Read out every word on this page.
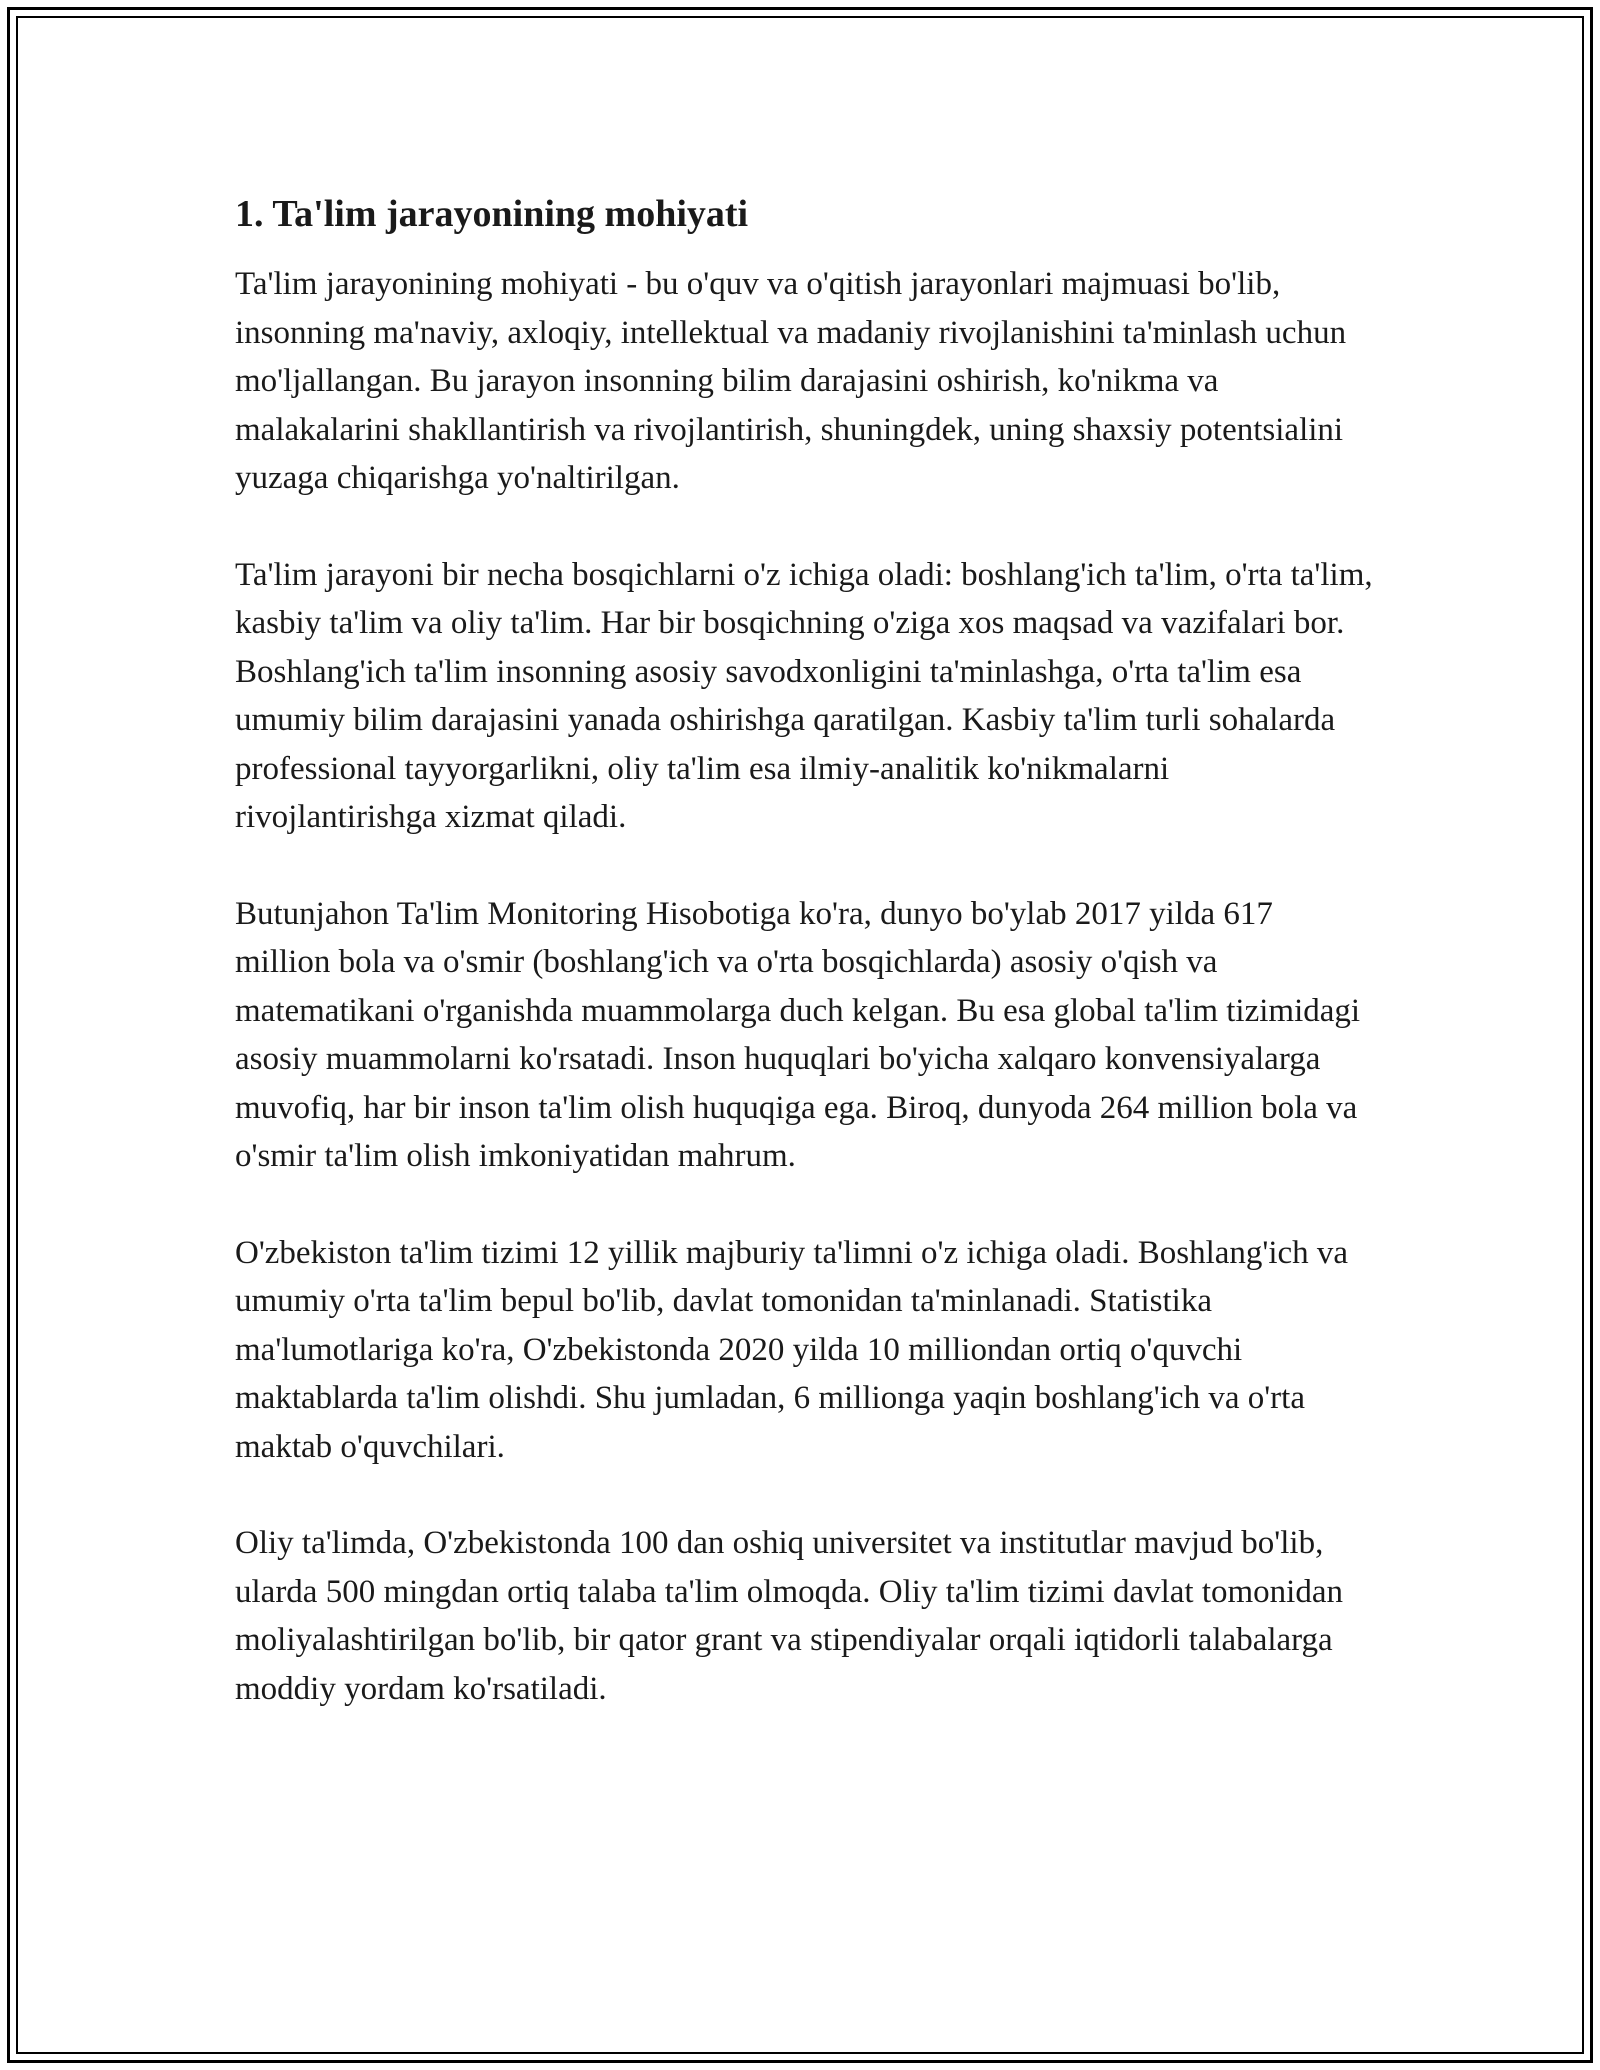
1. Ta'lim jarayonining mohiyati

Ta'lim jarayonining mohiyati - bu o'quv va o'qitish jarayonlari majmuasi bo'lib, insonning ma'naviy, axloqiy, intellektual va madaniy rivojlanishini ta'minlash uchun mo'ljallangan. Bu jarayon insonning bilim darajasini oshirish, ko'nikma va malakalarini shakllantirish va rivojlantirish, shuningdek, uning shaxsiy potentsialini yuzaga chiqarishga yo'naltirilgan.

Ta'lim jarayoni bir necha bosqichlarni o'z ichiga oladi: boshlang'ich ta'lim, o'rta ta'lim, kasbiy ta'lim va oliy ta'lim. Har bir bosqichning o'ziga xos maqsad va vazifalari bor. Boshlang'ich ta'lim insonning asosiy savodxonligini ta'minlashga, o'rta ta'lim esa umumiy bilim darajasini yanada oshirishga qaratilgan. Kasbiy ta'lim turli sohalarda professional tayyorgarlikni, oliy ta'lim esa ilmiy-analitik ko'nikmalarni rivojlantirishga xizmat qiladi.

Butunjahon Ta'lim Monitoring Hisobotiga ko'ra, dunyo bo'ylab 2017 yilda 617 million bola va o'smir (boshlang'ich va o'rta bosqichlarda) asosiy o'qish va matematikani o'rganishda muammolarga duch kelgan. Bu esa global ta'lim tizimidagi asosiy muammolarni ko'rsatadi. Inson huquqlari bo'yicha xalqaro konvensiyalarga muvofiq, har bir inson ta'lim olish huquqiga ega. Biroq, dunyoda 264 million bola va o'smir ta'lim olish imkoniyatidan mahrum.

O'zbekiston ta'lim tizimi 12 yillik majburiy ta'limni o'z ichiga oladi. Boshlang'ich va umumiy o'rta ta'lim bepul bo'lib, davlat tomonidan ta'minlanadi. Statistika ma'lumotlariga ko'ra, O'zbekistonda 2020 yilda 10 milliondan ortiq o'quvchi maktablarda ta'lim olishdi. Shu jumladan, 6 millionga yaqin boshlang'ich va o'rta maktab o'quvchilari.

Oliy ta'limda, O'zbekistonda 100 dan oshiq universitet va institutlar mavjud bo'lib, ularda 500 mingdan ortiq talaba ta'lim olmoqda. Oliy ta'lim tizimi davlat tomonidan moliyalashtirilgan bo'lib, bir qator grant va stipendiyalar orqali iqtidorli talabalarga moddiy yordam ko'rsatiladi.
